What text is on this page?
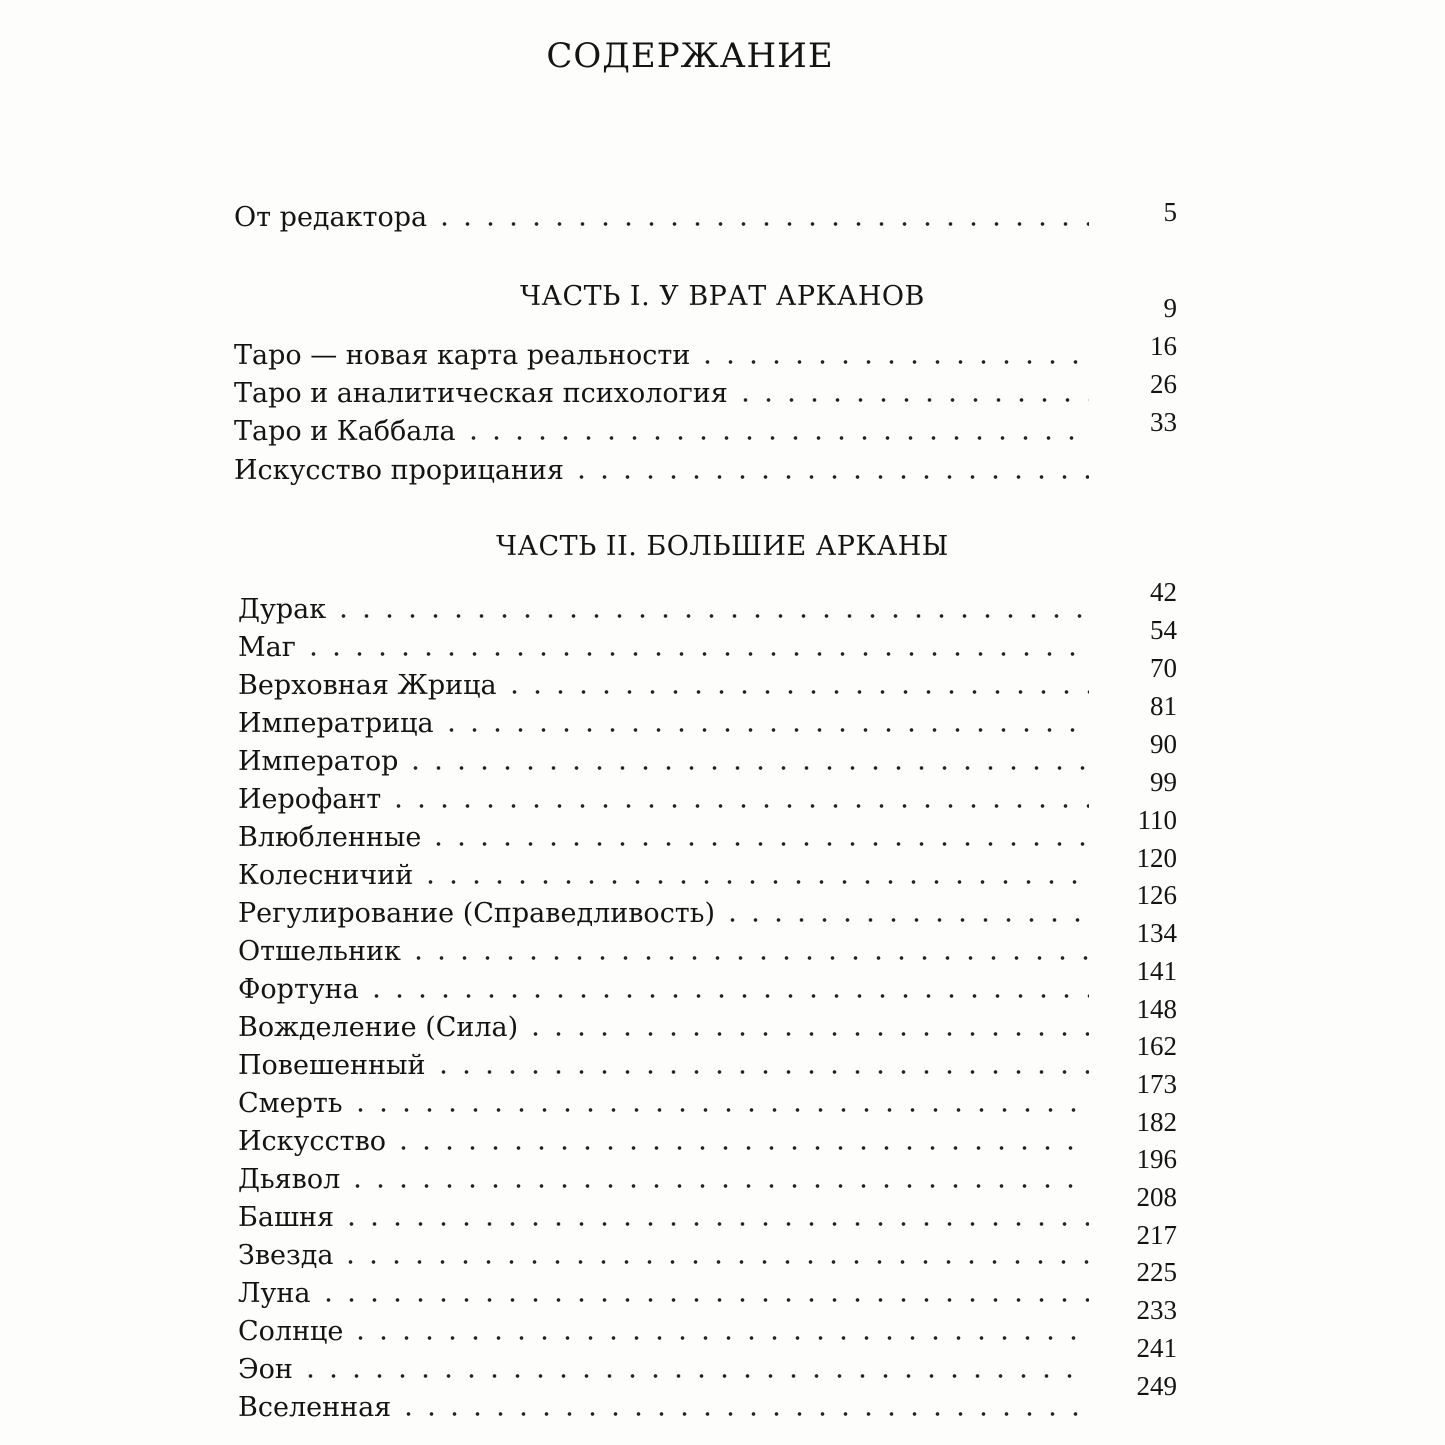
СОДЕРЖАНИЕ
От редактора	5
ЧАСТЬ I. У ВРАТ АРКАНОВ
Таро — новая карта реальности
Таро и аналитическая психология
Таро и Каббала
Искусство прорицания
9
16
26
33
ЧАСТЬ II. БОЛЬШИЕ АРКАНЫ
Дурак
Маг
Верховная Жрица
Императрица
Император
Иерофант
Влюбленные
Колесничий
Регулирование (Справедливость)
Отшельник
Фортуна
Вожделение (Сила)
Повешенный
Смерть
Искусство
Дьявол
Башня
Звезда
Луна
Солнце
Эон
Вселенная
42
54
70
81
90
99
110
120
126
134
141
148
162
173
182
196
208
217
225
233
241
249
